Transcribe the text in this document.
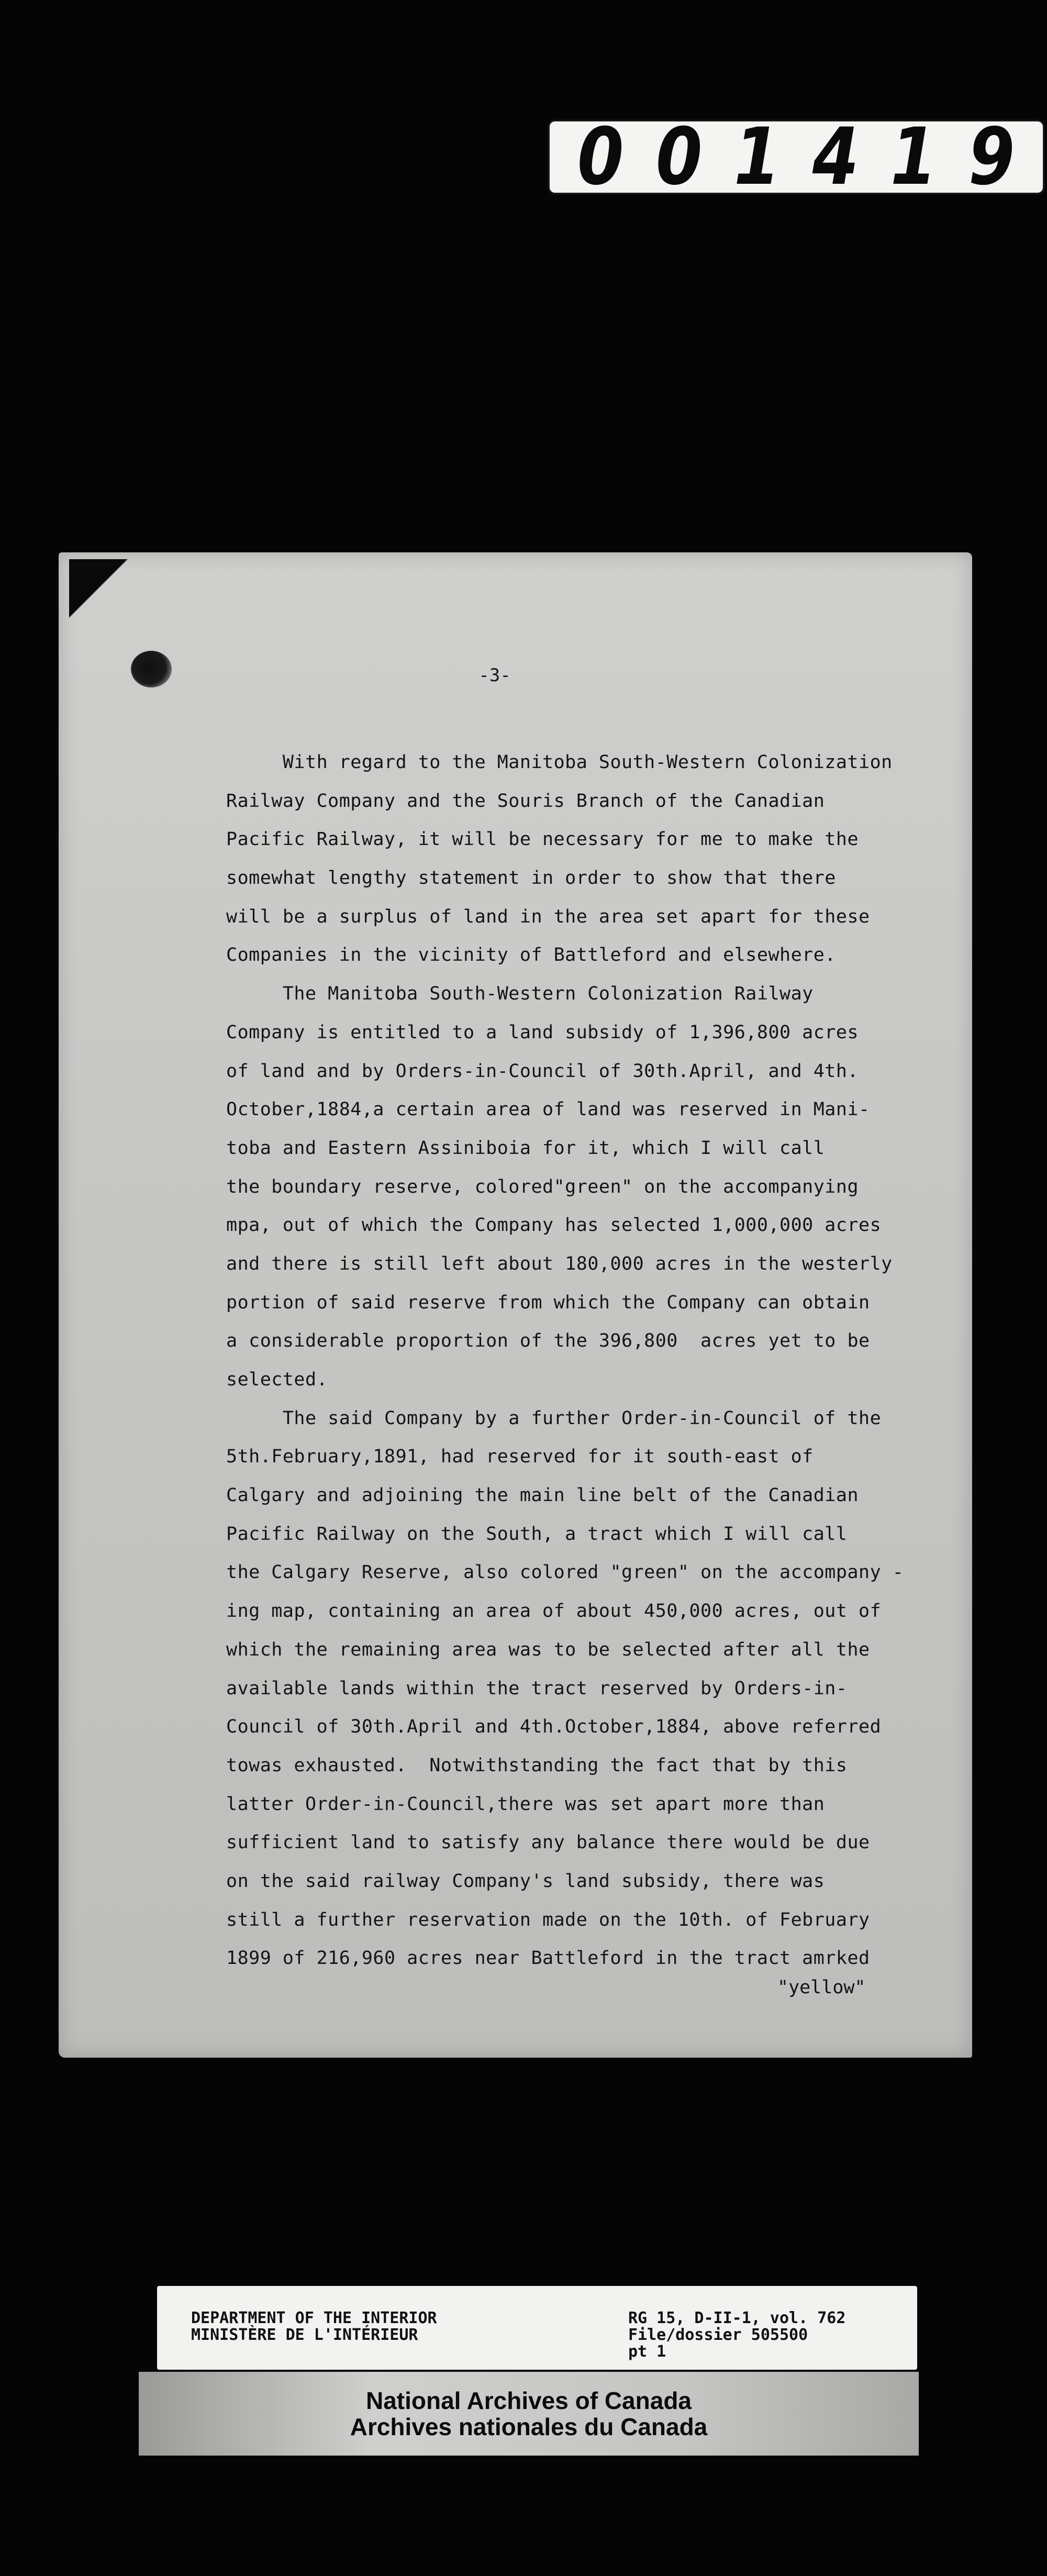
0 0 1 4 1 9
-3-
With regard to the Manitoba South-Western Colonization
Railway Company and the Souris Branch of the Canadian
Pacific Railway, it will be necessary for me to make the
somewhat lengthy statement in order to show that there
will be a surplus of land in the area set apart for these
Companies in the vicinity of Battleford and elsewhere.
The Manitoba South-Western Colonization Railway
Company is entitled to a land subsidy of 1,396,800 acres
of land and by Orders-in-Council of 30th.April, and 4th.
October,1884,a certain area of land was reserved in Mani-
toba and Eastern Assiniboia for it, which I will call
the boundary reserve, colored"green" on the accompanying
mpa, out of which the Company has selected 1,000,000 acres
and there is still left about 180,000 acres in the westerly
portion of said reserve from which the Company can obtain
a considerable proportion of the 396,800  acres yet to be
selected.
The said Company by a further Order-in-Council of the
5th.February,1891, had reserved for it south-east of
Calgary and adjoining the main line belt of the Canadian
Pacific Railway on the South, a tract which I will call
the Calgary Reserve, also colored "green" on the accompany -
ing map, containing an area of about 450,000 acres, out of
which the remaining area was to be selected after all the
available lands within the tract reserved by Orders-in-
Council of 30th.April and 4th.October,1884, above referred
towas exhausted.  Notwithstanding the fact that by this
latter Order-in-Council,there was set apart more than
sufficient land to satisfy any balance there would be due
on the said railway Company's land subsidy, there was
still a further reservation made on the 10th. of February
1899 of 216,960 acres near Battleford in the tract amrked
"yellow"
DEPARTMENT OF THE INTERIOR
MINISTÈRE DE L'INTÉRIEUR
RG 15, D-II-1, vol. 762
File/dossier 505500
pt 1
National Archives of Canada
Archives nationales du Canada
